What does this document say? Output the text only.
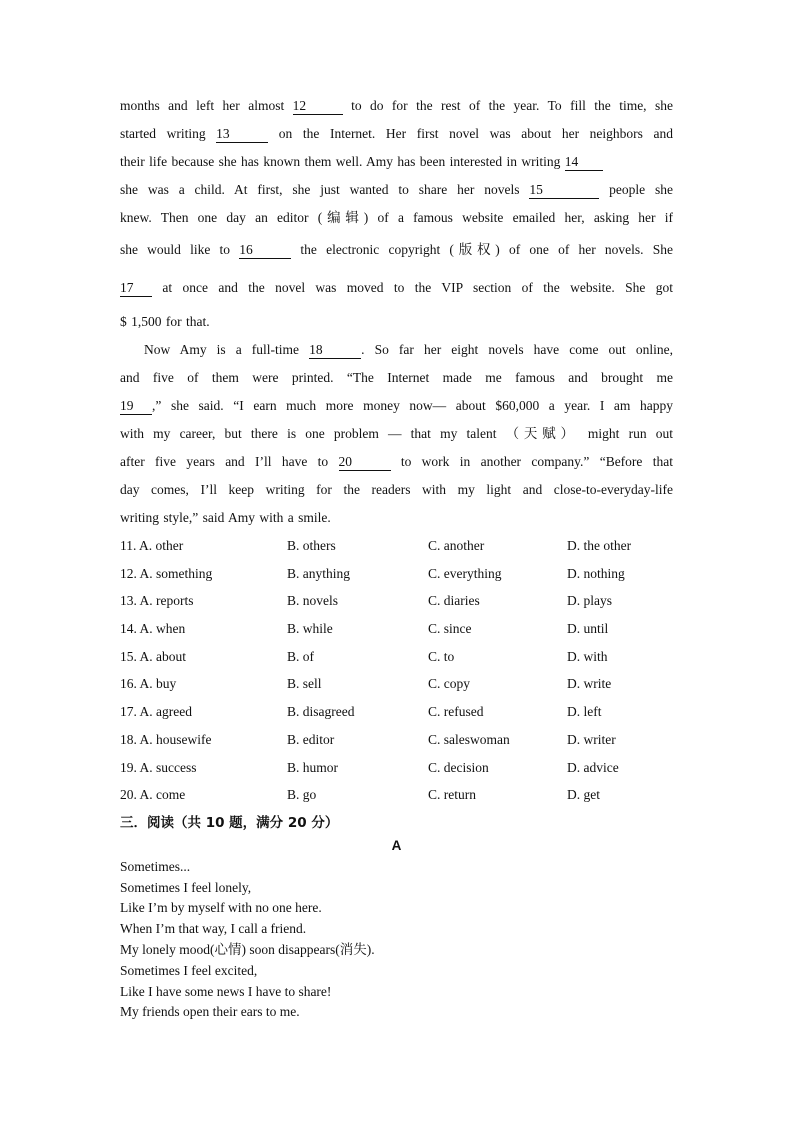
months and left her almost 12	to do for the rest of the year. To fill the time, she
started writing 13	on the Internet. Her first novel was about her neighbors and
their life because she has known them well. Amy has been interested in writing 14
she was a child. At first, she just wanted to share her novels 15	people she
knew. Then one day an editor (编辑) of a famous website emailed her, asking her if
she would like to 16	the electronic copyright (版权) of one of her novels. She
17 at once and the novel was moved to the VIP section of the website. She got
$ 1,500 for that.
Now Amy is a full-time 18	. So far her eight novels have come out online,
and five of them were printed. “The Internet made me famous and brought me
19 ,” she said. “I earn much more money now— about $60,000 a year. I am happy
with my career, but there is one problem — that my talent （天赋） might run out
after five years and I’ll have to 20	to work in another company.” “Before that
day comes, I’ll keep writing for the readers with my light and close-to-everyday-life
writing style,” said Amy with a smile.
11. A. other	B. others	C. another	D. the other
12. A. something	B. anything	C. everything	D. nothing
13. A. reports	B. novels	C. diaries	D. plays
14. A. when	B. while	C. since	D. until
15. A. about	B. of	C. to	D. with
16. A. buy	B. sell	C. copy	D. write
17. A. agreed	B. disagreed	C. refused	D. left
18. A. housewife	B. editor	C. saleswoman	D. writer
19. A. success	B. humor	C. decision	D. advice
20. A. come	B. go	C. return	D. get
三．阅读（共 10 题，满分 20 分）
A
Sometimes...
Sometimes I feel lonely,
Like I’m by myself with no one here.
When I’m that way, I call a friend.
My lonely mood(心情) soon disappears(消失).
Sometimes I feel excited,
Like I have some news I have to share!
My friends open their ears to me.
